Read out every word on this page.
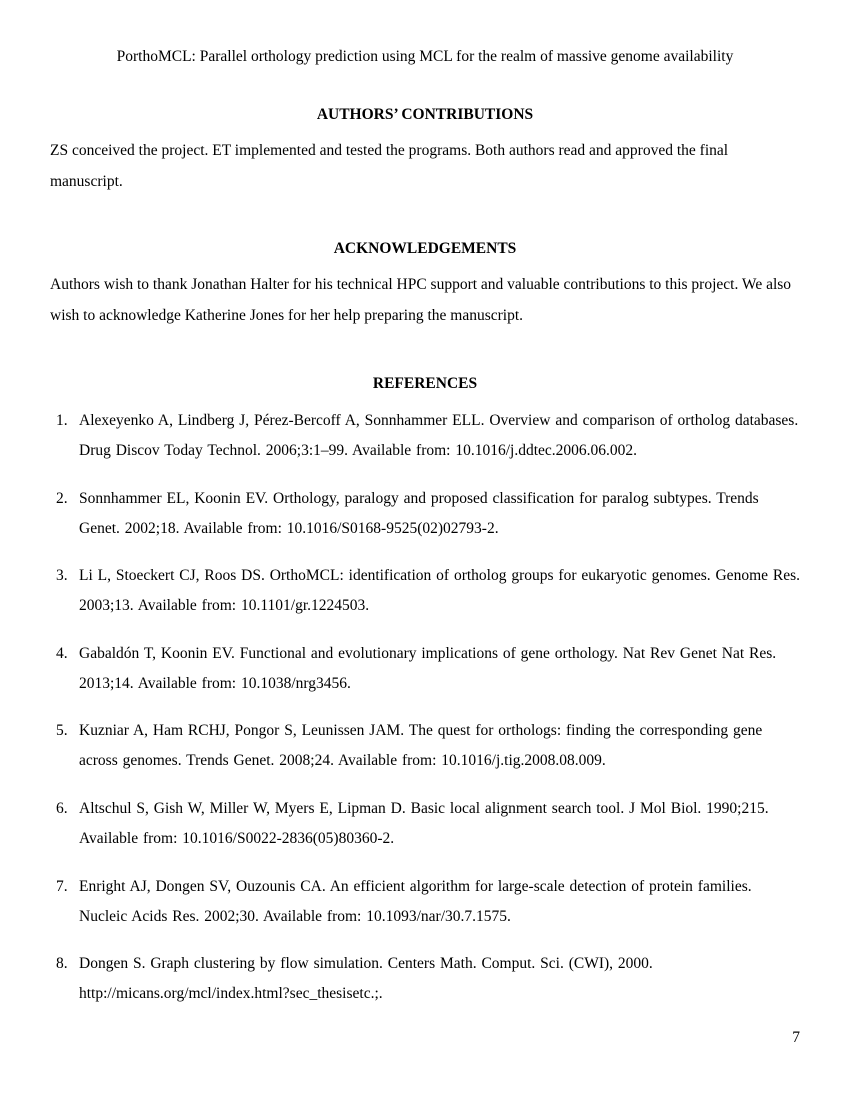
PorthoMCL: Parallel orthology prediction using MCL for the realm of massive genome availability
AUTHORS’ CONTRIBUTIONS

ZS conceived the project. ET implemented and tested the programs. Both authors read and approved the final manuscript.

ACKNOWLEDGEMENTS

Authors wish to thank Jonathan Halter for his technical HPC support and valuable contributions to this project. We also wish to acknowledge Katherine Jones for her help preparing the manuscript.

REFERENCES
1. Alexeyenko A, Lindberg J, Pérez-Bercoff A, Sonnhammer ELL. Overview and comparison of ortholog databases. Drug Discov Today Technol. 2006;3:1–99. Available from: 10.1016/j.ddtec.2006.06.002.
2. Sonnhammer EL, Koonin EV. Orthology, paralogy and proposed classification for paralog subtypes. Trends Genet. 2002;18. Available from: 10.1016/S0168-9525(02)02793-2.
3. Li L, Stoeckert CJ, Roos DS. OrthoMCL: identification of ortholog groups for eukaryotic genomes. Genome Res. 2003;13. Available from: 10.1101/gr.1224503.
4. Gabaldón T, Koonin EV. Functional and evolutionary implications of gene orthology. Nat Rev Genet Nat Res. 2013;14. Available from: 10.1038/nrg3456.
5. Kuzniar A, Ham RCHJ, Pongor S, Leunissen JAM. The quest for orthologs: finding the corresponding gene across genomes. Trends Genet. 2008;24. Available from: 10.1016/j.tig.2008.08.009.
6. Altschul S, Gish W, Miller W, Myers E, Lipman D. Basic local alignment search tool. J Mol Biol. 1990;215. Available from: 10.1016/S0022-2836(05)80360-2.
7. Enright AJ, Dongen SV, Ouzounis CA. An efficient algorithm for large-scale detection of protein families. Nucleic Acids Res. 2002;30. Available from: 10.1093/nar/30.7.1575.
8. Dongen S. Graph clustering by flow simulation. Centers Math. Comput. Sci. (CWI), 2000. http://micans.org/mcl/index.html?sec_thesisetc.;.
7
